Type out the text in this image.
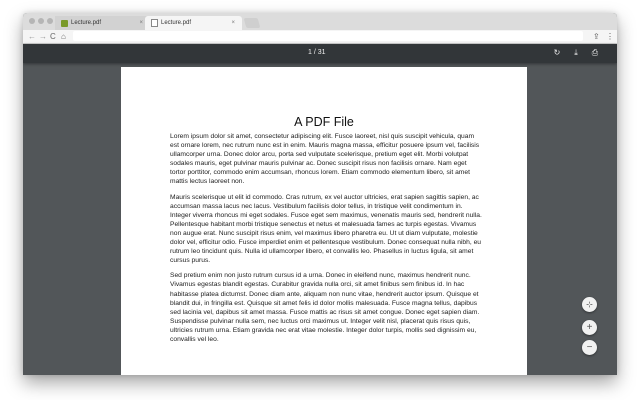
Lecture.pdf	×	Lecture.pdf	×
← → C ⌂	⇪ ⋮
1 / 31	↻	⤓	⎙
A PDF File

Lorem ipsum dolor sit amet, consectetur adipiscing elit. Fusce laoreet, nisl quis suscipit vehicula, quam est ornare lorem, nec rutrum nunc est in enim. Mauris magna massa, efficitur posuere ipsum vel, facilisis ullamcorper urna. Donec dolor arcu, porta sed vulputate scelerisque, pretium eget elit. Morbi volutpat sodales mauris, eget pulvinar mauris pulvinar ac. Donec suscipit risus non facilisis ornare. Nam eget tortor porttitor, commodo enim accumsan, rhoncus lorem. Etiam commodo elementum libero, sit amet mattis lectus laoreet non.

Mauris scelerisque ut elit id commodo. Cras rutrum, ex vel auctor ultricies, erat sapien sagittis sapien, ac accumsan massa lacus nec lacus. Vestibulum facilisis dolor tellus, in tristique velit condimentum in. Integer viverra rhoncus mi eget sodales. Fusce eget sem maximus, venenatis mauris sed, hendrerit nulla. Pellentesque habitant morbi tristique senectus et netus et malesuada fames ac turpis egestas. Vivamus non augue erat. Nunc suscipit risus enim, vel maximus libero pharetra eu. Ut ut diam vulputate, molestie dolor vel, efficitur odio. Fusce imperdiet enim et pellentesque vestibulum. Donec consequat nulla nibh, eu rutrum leo tincidunt quis. Nulla id ullamcorper libero, et convallis leo. Phasellus in luctus ligula, sit amet cursus purus.

Sed pretium enim non justo rutrum cursus id a urna. Donec in eleifend nunc, maximus hendrerit nunc. Vivamus egestas blandit egestas. Curabitur gravida nulla orci, sit amet finibus sem finibus id. In hac habitasse platea dictumst. Donec diam ante, aliquam non nunc vitae, hendrerit auctor ipsum. Quisque et blandit dui, in fringilla est. Quisque sit amet felis id dolor mollis malesuada. Fusce magna tellus, dapibus sed lacinia vel, dapibus sit amet massa. Fusce mattis ac risus sit amet congue. Donec eget sapien diam. Suspendisse pulvinar nulla sem, nec luctus orci maximus ut. Integer velit nisl, placerat quis risus quis, ultricies rutrum urna. Etiam gravida nec erat vitae molestie. Integer dolor turpis, mollis sed dignissim eu, convallis vel leo.

⊹
+
−
